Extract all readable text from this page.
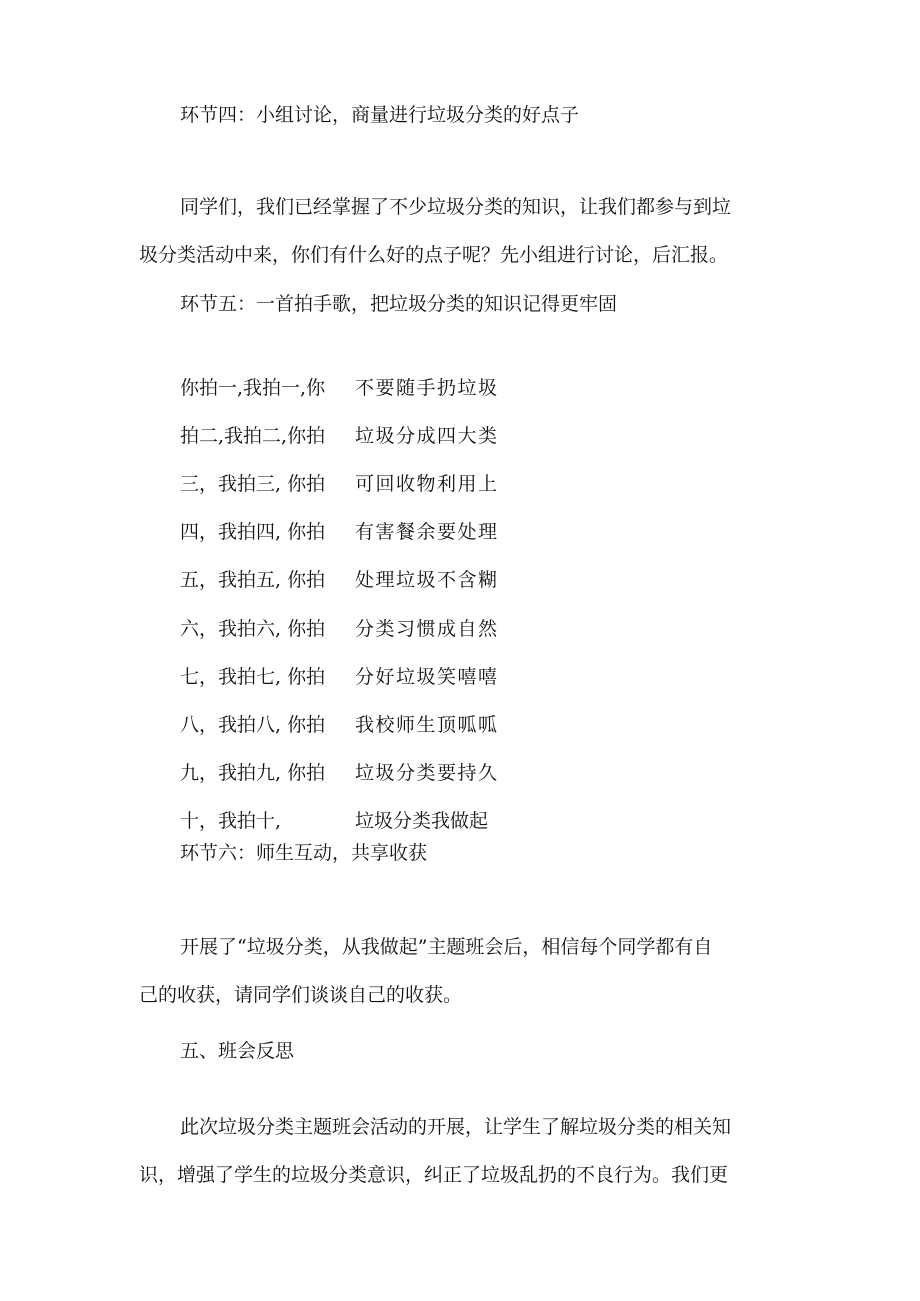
环节四：小组讨论，商量进行垃圾分类的好点子
同学们，我们已经掌握了不少垃圾分类的知识，让我们都参与到垃
圾分类活动中来，你们有什么好的点子呢？先小组进行讨论，后汇报。
环节五：一首拍手歌，把垃圾分类的知识记得更牢固
你拍一,我拍一,你 不要随手扔垃圾
拍二,我拍二,你拍 垃圾分成四大类
三，我拍三, 你拍 可回收物利用上
四，我拍四, 你拍 有害餐余要处理
五，我拍五, 你拍 处理垃圾不含糊
六，我拍六, 你拍 分类习惯成自然
七，我拍七, 你拍 分好垃圾笑嘻嘻
八，我拍八, 你拍 我校师生顶呱呱
九，我拍九, 你拍 垃圾分类要持久
十，我拍十,	垃圾分类我做起
环节六：师生互动，共享收获
开展了“垃圾分类，从我做起”主题班会后，相信每个同学都有自
己的收获，请同学们谈谈自己的收获。
五、班会反思
此次垃圾分类主题班会活动的开展，让学生了解垃圾分类的相关知
识，增强了学生的垃圾分类意识，纠正了垃圾乱扔的不良行为。我们更
